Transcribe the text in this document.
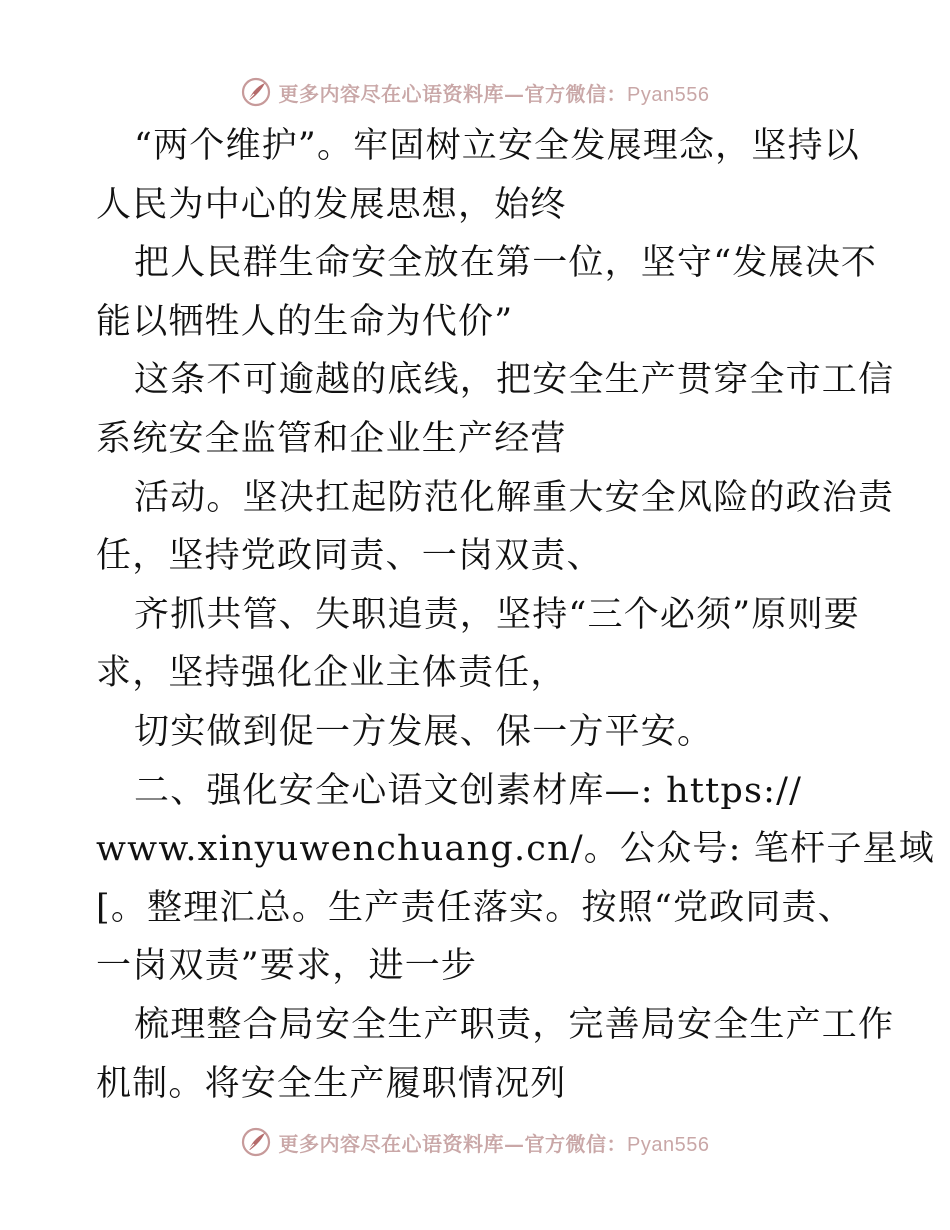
更多内容尽在心语资料库—官方微信：Pyan556
“两个维护”。牢固树立安全发展理念，坚持以
人民为中心的发展思想，始终
把人民群生命安全放在第一位，坚守“发展决不
能以牺牲人的生命为代价”
这条不可逾越的底线，把安全生产贯穿全市工信
系统安全监管和企业生产经营
活动。坚决扛起防范化解重大安全风险的政治责
任，坚持党政同责、一岗双责、
齐抓共管、失职追责，坚持“三个必须”原则要
求，坚持强化企业主体责任，
切实做到促一方发展、保一方平安。
二、强化安全心语文创素材库—: https://
www.xinyuwenchuang.cn/。公众号: 笔杆子星域
[。整理汇总。生产责任落实。按照“党政同责、
一岗双责”要求，进一步
梳理整合局安全生产职责，完善局安全生产工作
机制。将安全生产履职情况列
更多内容尽在心语资料库—官方微信：Pyan556
